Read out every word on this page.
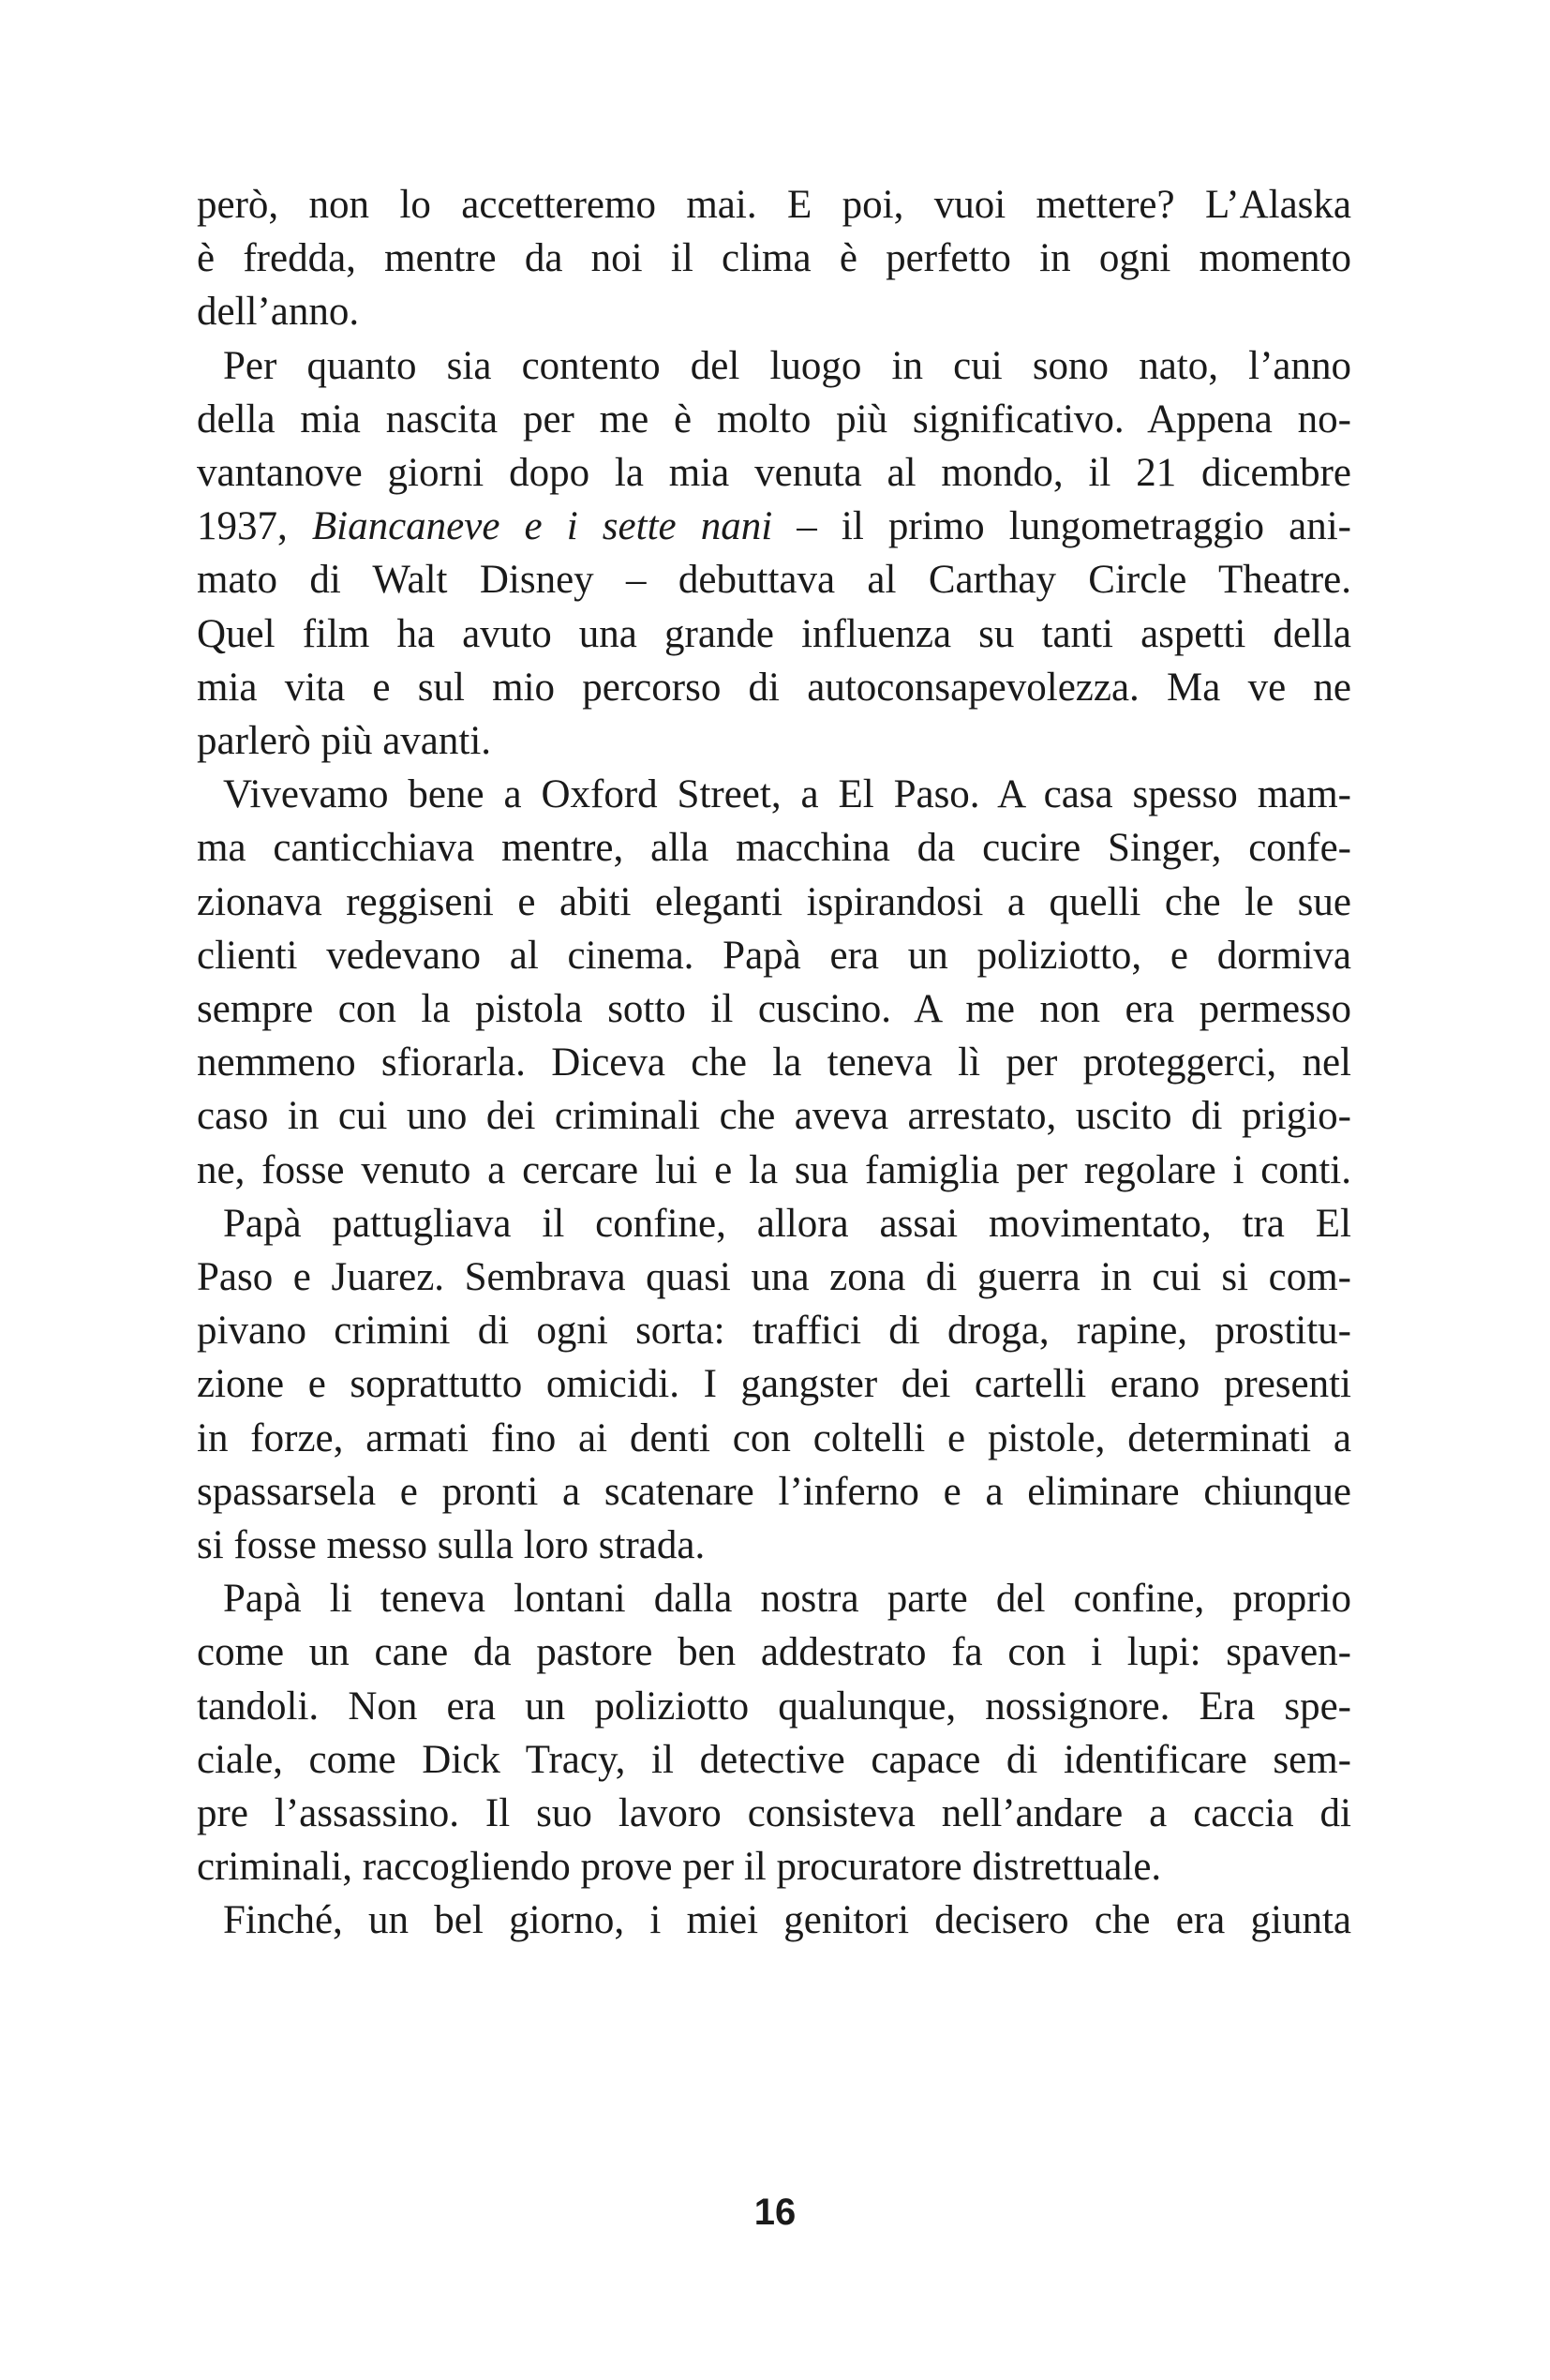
però, non lo accetteremo mai. E poi, vuoi mettere? L’Alaska
è fredda, mentre da noi il clima è perfetto in ogni momento
dell’anno.
Per quanto sia contento del luogo in cui sono nato, l’anno
della mia nascita per me è molto più significativo. Appena no-
vantanove giorni dopo la mia venuta al mondo, il 21 dicembre
1937, Biancaneve e i sette nani – il primo lungometraggio ani-
mato di Walt Disney – debuttava al Carthay Circle Theatre.
Quel film ha avuto una grande influenza su tanti aspetti della
mia vita e sul mio percorso di autoconsapevolezza. Ma ve ne
parlerò più avanti.
Vivevamo bene a Oxford Street, a El Paso. A casa spesso mam-
ma canticchiava mentre, alla macchina da cucire Singer, confe-
zionava reggiseni e abiti eleganti ispirandosi a quelli che le sue
clienti vedevano al cinema. Papà era un poliziotto, e dormiva
sempre con la pistola sotto il cuscino. A me non era permesso
nemmeno sfiorarla. Diceva che la teneva lì per proteggerci, nel
caso in cui uno dei criminali che aveva arrestato, uscito di prigio-
ne, fosse venuto a cercare lui e la sua famiglia per regolare i conti.
Papà pattugliava il confine, allora assai movimentato, tra El
Paso e Juarez. Sembrava quasi una zona di guerra in cui si com-
pivano crimini di ogni sorta: traffici di droga, rapine, prostitu-
zione e soprattutto omicidi. I gangster dei cartelli erano presenti
in forze, armati fino ai denti con coltelli e pistole, determinati a
spassarsela e pronti a scatenare l’inferno e a eliminare chiunque
si fosse messo sulla loro strada.
Papà li teneva lontani dalla nostra parte del confine, proprio
come un cane da pastore ben addestrato fa con i lupi: spaven-
tandoli. Non era un poliziotto qualunque, nossignore. Era spe-
ciale, come Dick Tracy, il detective capace di identificare sem-
pre l’assassino. Il suo lavoro consisteva nell’andare a caccia di
criminali, raccogliendo prove per il procuratore distrettuale.
Finché, un bel giorno, i miei genitori decisero che era giunta
16
